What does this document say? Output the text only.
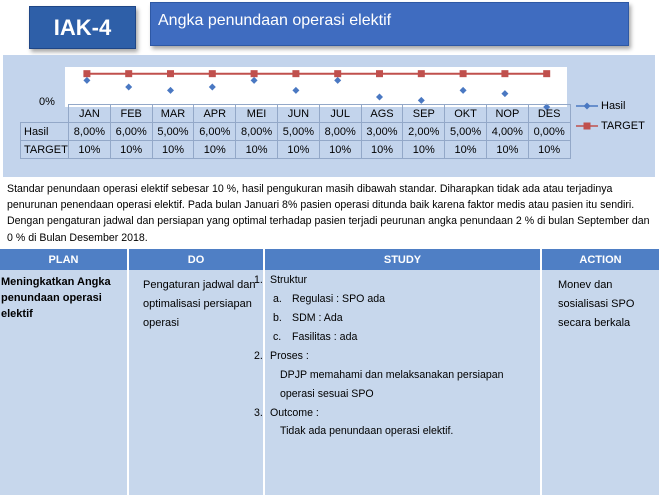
IAK-4	Angka penundaan operasi elektif
0%
	JAN	FEB	MAR	APR	MEI	JUN	JUL	AGS	SEP	OKT	NOP	DES
Hasil	8,00%	6,00%	5,00%	6,00%	8,00%	5,00%	8,00%	3,00%	2,00%	5,00%	4,00%	0,00%
TARGET	10%	10%	10%	10%	10%	10%	10%	10%	10%	10%	10%	10%
Hasil
TARGET
Standar penundaan operasi elektif sebesar 10 %, hasil pengukuran masih dibawah standar. Diharapkan tidak ada atau terjadinya penurunan penendaan operasi elektif. Pada bulan Januari 8% pasien operasi ditunda baik karena faktor medis atau pasien itu sendiri. Dengan pengaturan jadwal dan persiapan yang optimal terhadap pasien terjadi peurunan angka penundaan 2 % di bulan September dan 0 % di Bulan Desember 2018.
PLAN
Meningkatkan Angka penundaan operasi elektif
DO
Pengaturan jadwal dan optimalisasi persiapan operasi
STUDY
1. Struktur
a. Regulasi : SPO ada
b. SDM : Ada
c. Fasilitas : ada
2. Proses :
DPJP memahami dan melaksanakan persiapan
operasi sesuai SPO
3. Outcome :
Tidak ada penundaan operasi elektif.
ACTION
Monev dan sosialisasi SPO secara berkala
